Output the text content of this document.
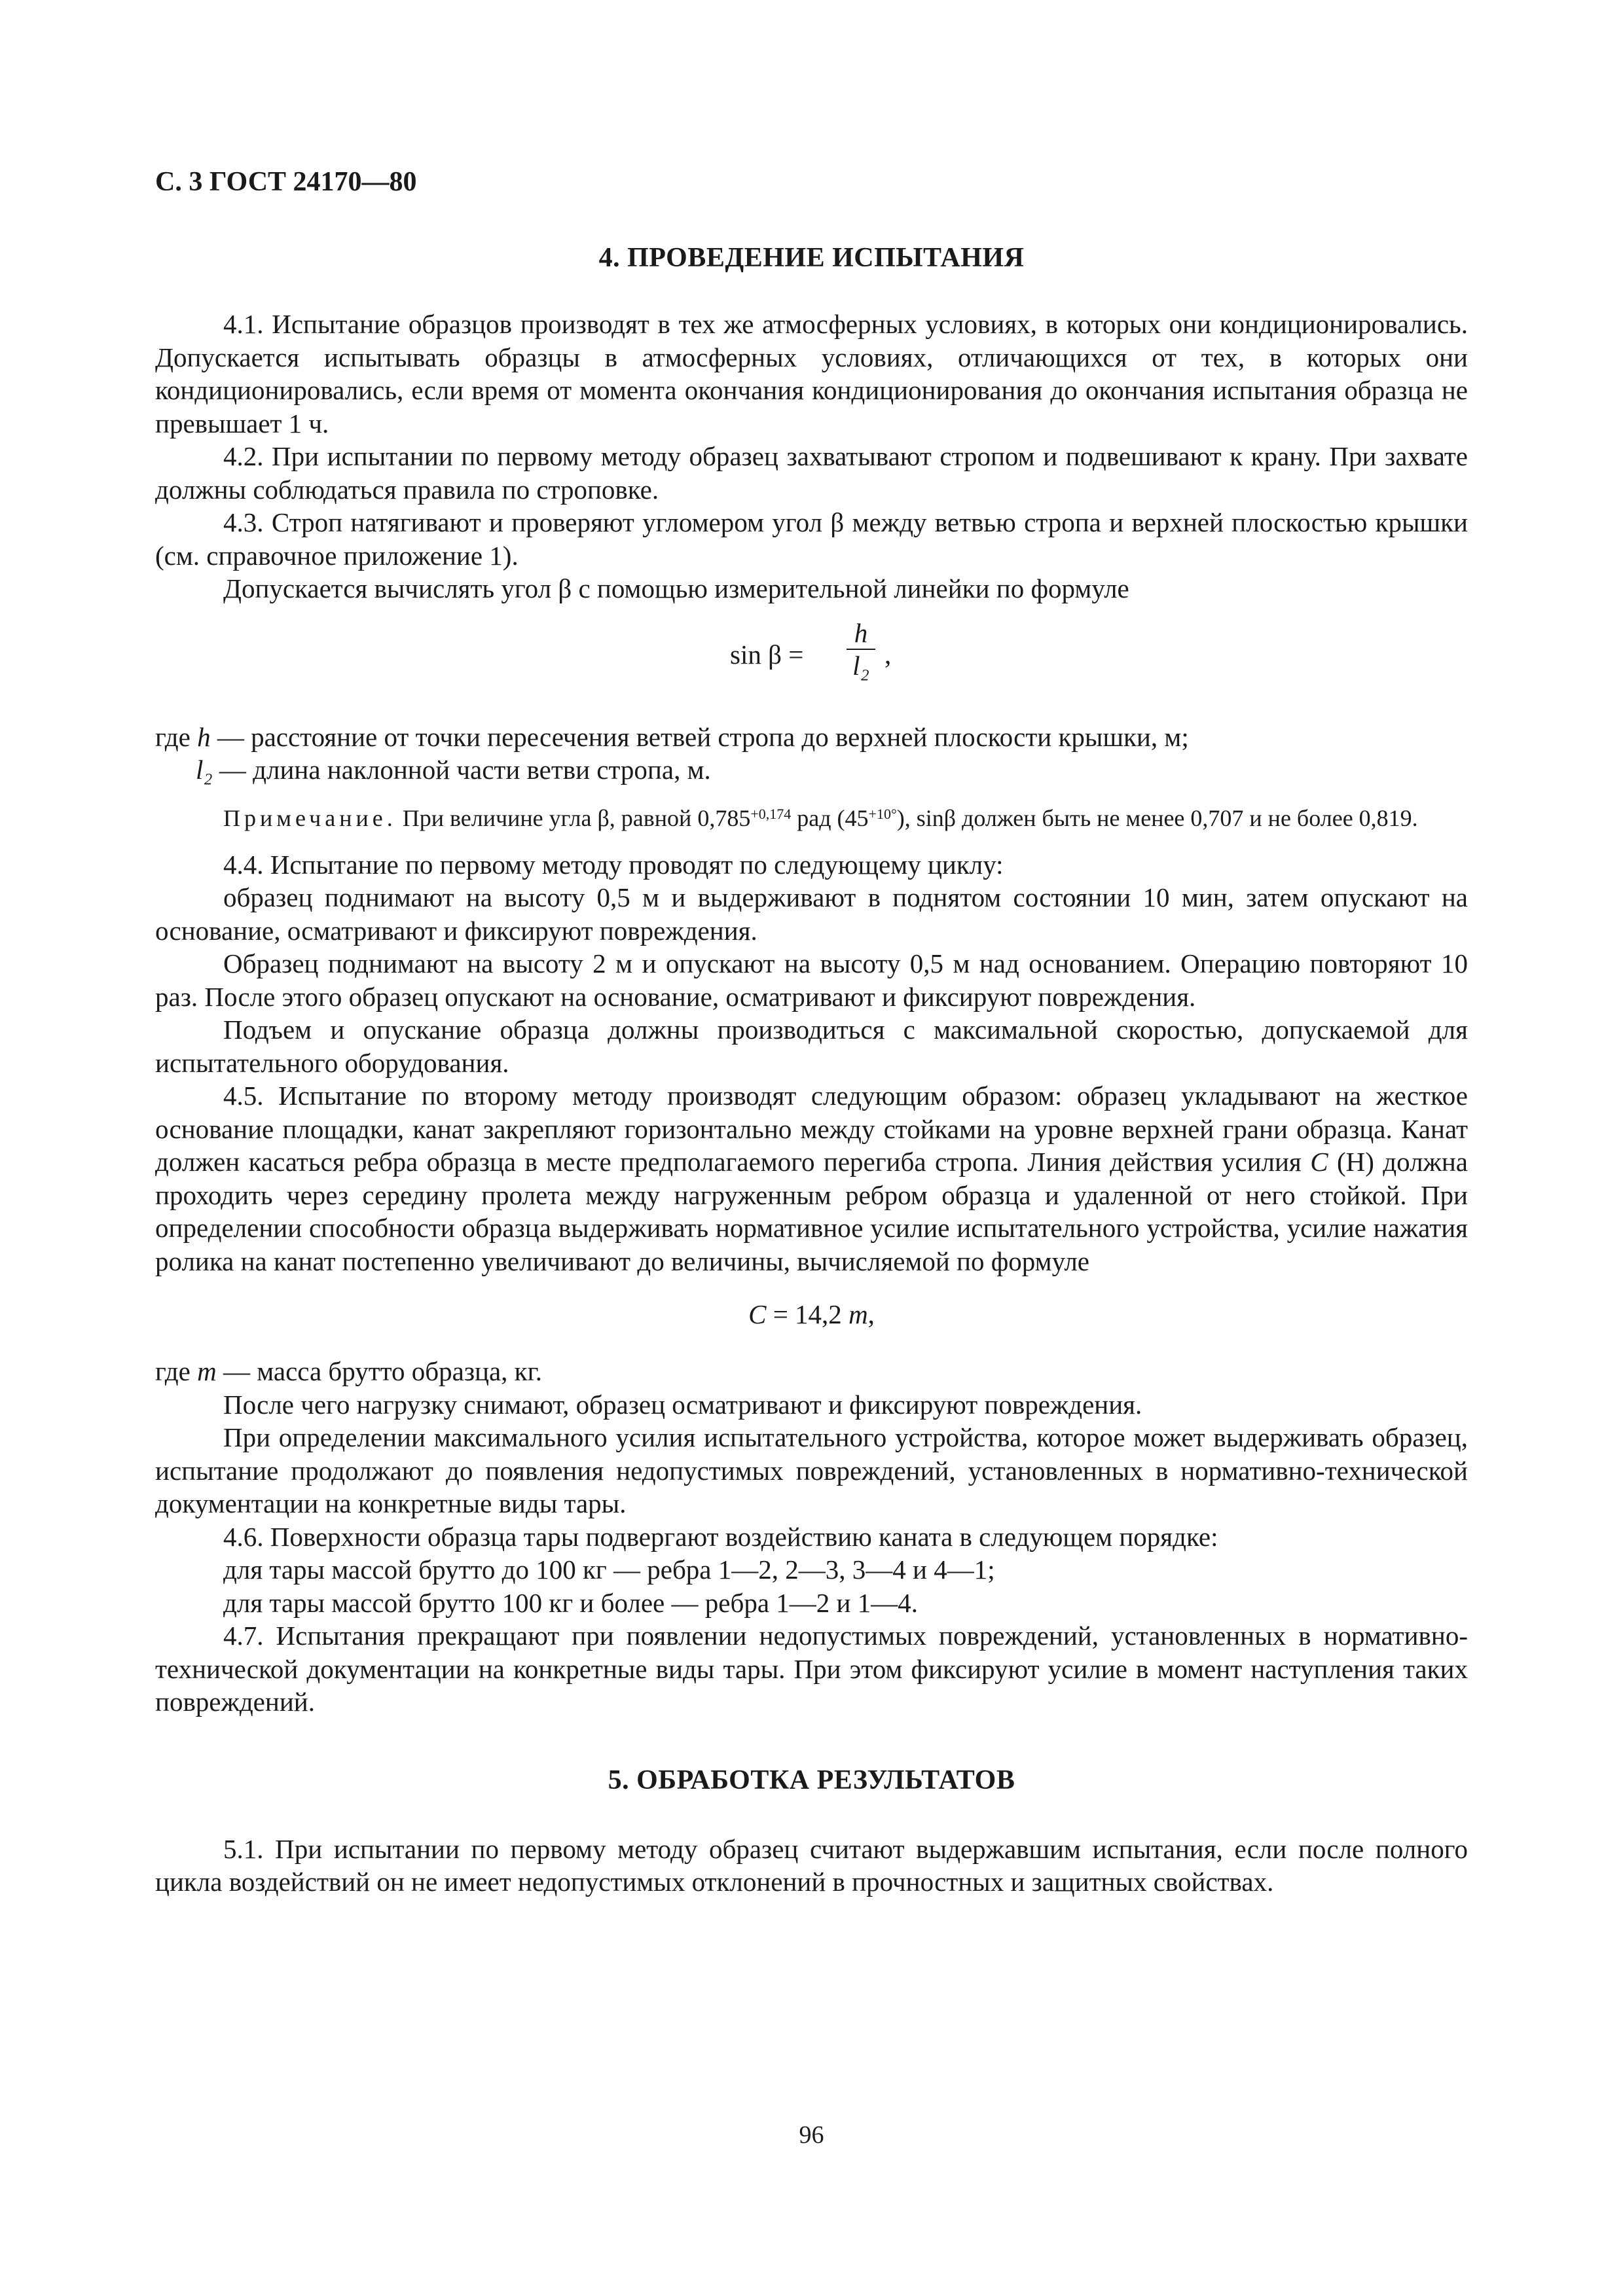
С. 3 ГОСТ 24170—80
4. ПРОВЕДЕНИЕ ИСПЫТАНИЯ

4.1. Испытание образцов производят в тех же атмосферных условиях, в которых они кондиционировались. Допускается испытывать образцы в атмосферных условиях, отличающихся от тех, в которых они кондиционировались, если время от момента окончания кондиционирования до окончания испытания образца не превышает 1 ч.

4.2. При испытании по первому методу образец захватывают стропом и подвешивают к крану. При захвате должны соблюдаться правила по строповке.

4.3. Строп натягивают и проверяют угломером угол β между ветвью стропа и верхней плоскостью крышки (см. справочное приложение 1).

Допускается вычислять угол β с помощью измерительной линейки по формуле

sin β =
h
l₂ ,

где h — расстояние от точки пересечения ветвей стропа до верхней плоскости крышки, м;

l₂ — длина наклонной части ветви стропа, м.

Примечание. При величине угла β, равной $0,785^{+0,174}$ рад $(45^{+10^\circ})$, sinβ должен быть не менее 0,707 и не более 0,819.

4.4. Испытание по первому методу проводят по следующему циклу:

образец поднимают на высоту 0,5 м и выдерживают в поднятом состоянии 10 мин, затем опускают на основание, осматривают и фиксируют повреждения.

Образец поднимают на высоту 2 м и опускают на высоту 0,5 м над основанием. Операцию повторяют 10 раз. После этого образец опускают на основание, осматривают и фиксируют повреждения.

Подъем и опускание образца должны производиться с максимальной скоростью, допускаемой для испытательного оборудования.

4.5. Испытание по второму методу производят следующим образом: образец укладывают на жесткое основание площадки, канат закрепляют горизонтально между стойками на уровне верхней грани образца. Канат должен касаться ребра образца в месте предполагаемого перегиба стропа. Линия действия усилия C (Н) должна проходить через середину пролета между нагруженным ребром образца и удаленной от него стойкой. При определении способности образца выдерживать нормативное усилие испытательного устройства, усилие нажатия ролика на канат постепенно увеличивают до величины, вычисляемой по формуле

C = 14,2 m,

где m — масса брутто образца, кг.

После чего нагрузку снимают, образец осматривают и фиксируют повреждения.

При определении максимального усилия испытательного устройства, которое может выдерживать образец, испытание продолжают до появления недопустимых повреждений, установленных в нормативно-технической документации на конкретные виды тары.

4.6. Поверхности образца тары подвергают воздействию каната в следующем порядке:

для тары массой брутто до 100 кг — ребра 1—2, 2—3, 3—4 и 4—1;

для тары массой брутто 100 кг и более — ребра 1—2 и 1—4.

4.7. Испытания прекращают при появлении недопустимых повреждений, установленных в нормативно-технической документации на конкретные виды тары. При этом фиксируют усилие в момент наступления таких повреждений.

5. ОБРАБОТКА РЕЗУЛЬТАТОВ

5.1. При испытании по первому методу образец считают выдержавшим испытания, если после полного цикла воздействий он не имеет недопустимых отклонений в прочностных и защитных свойствах.

96
